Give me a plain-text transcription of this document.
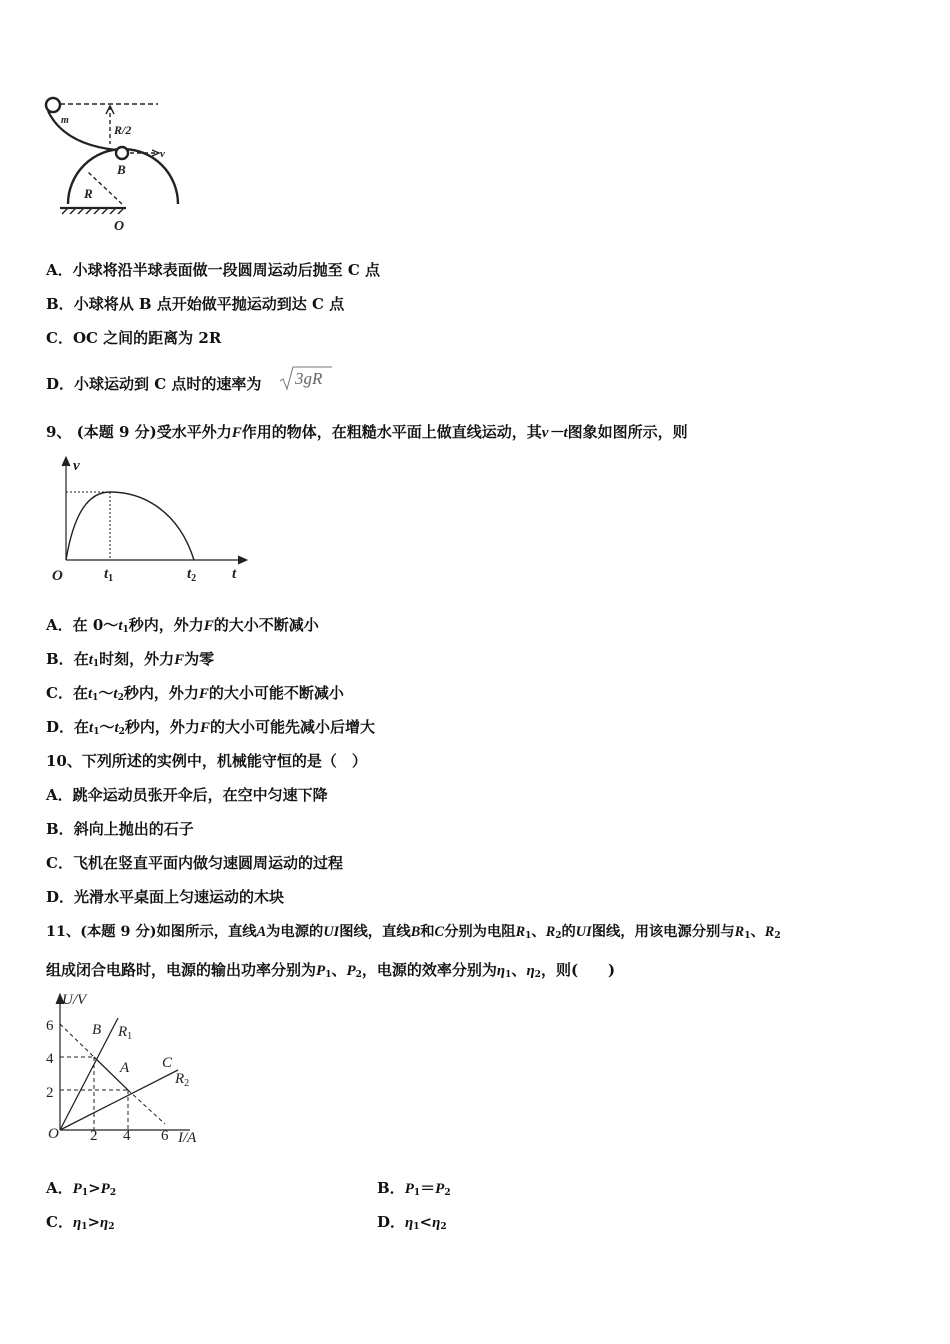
m
R/2
v
B
R
O
A．小球将沿半球表面做一段圆周运动后抛至 C 点
B．小球将从 B 点开始做平抛运动到达 C 点
C．OC 之间的距离为 2R
D．小球运动到 C 点时的速率为 3gR
9、 (本题 9 分)受水平外力F作用的物体，在粗糙水平面上做直线运动，其v－t图象如图所示，则
v
O	$t_1$	$t_2$ t
A．在 $0\sim t_1$秒内，外力F的大小不断减小
B．在$t_1$时刻，外力F为零
C．在$t_1\sim t_2$秒内，外力F的大小可能不断减小
D．在$t_1\sim t_2$秒内，外力F的大小可能先减小后增大
10、下列所述的实例中，机械能守恒的是（　）
A．跳伞运动员张开伞后，在空中匀速下降
B．斜向上抛出的石子
C．飞机在竖直平面内做匀速圆周运动的过程
D．光滑水平桌面上匀速运动的木块
11、(本题 9 分)如图所示，直线A为电源的UI图线，直线B和C分别为电阻$R_1$、$R_2$的UI图线，用该电源分别与$R_1$、$R_2$
组成闭合电路时，电源的输出功率分别为$P_1$、$P_2$，电源的效率分别为$\eta_1$、$\eta_2$，则(　　)
U/V
I/A
O
6
4
2
2 4 6
B $R_1$
A C
$R_2$
A．$P_1>P_2$	B．$P_1=P_2$
C．$\eta_1>\eta_2$	D．$\eta_1<\eta_2$
